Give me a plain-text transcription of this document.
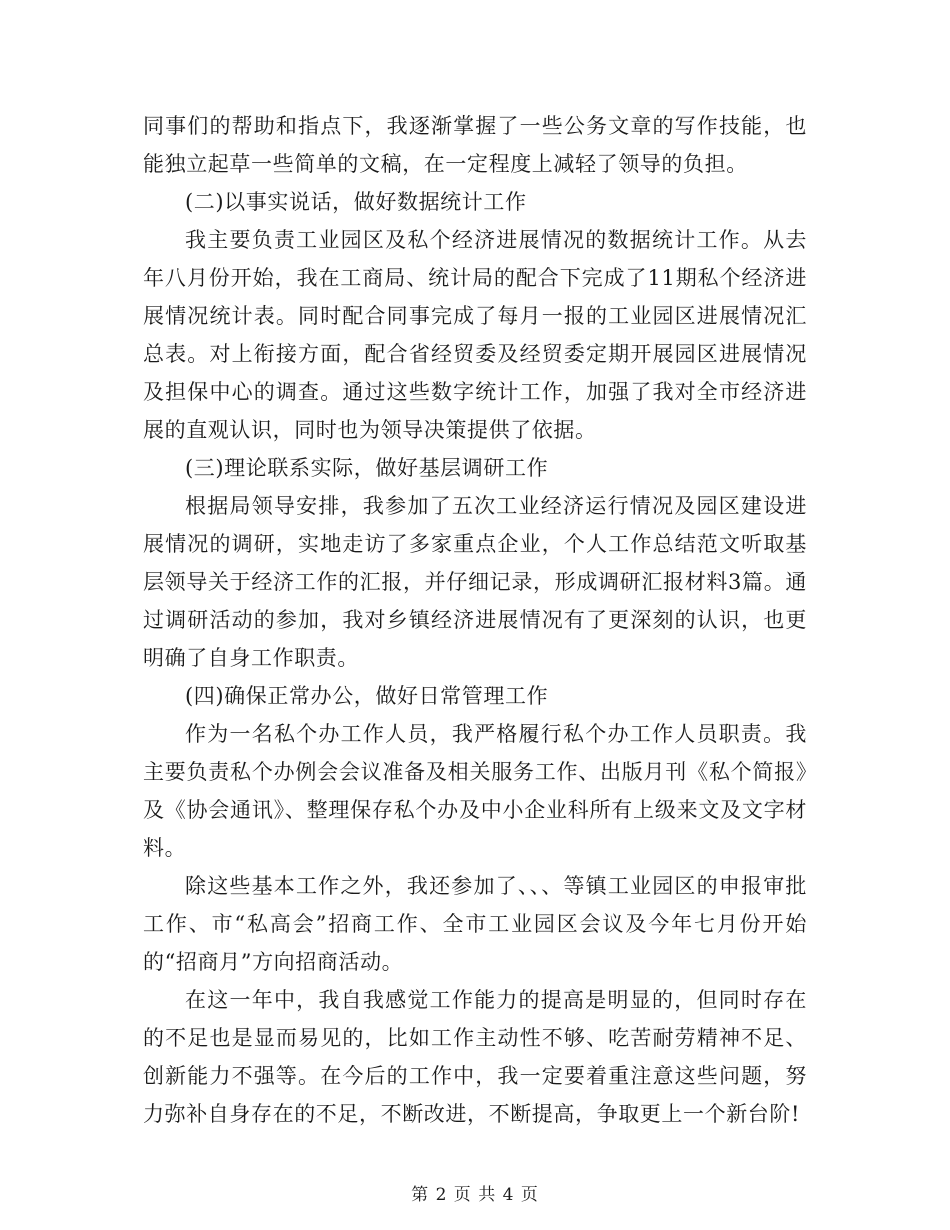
同事们的帮助和指点下，我逐渐掌握了一些公务文章的写作技能，也能独立起草一些简单的文稿，在一定程度上减轻了领导的负担。

(二)以事实说话，做好数据统计工作

我主要负责工业园区及私个经济进展情况的数据统计工作。从去年八月份开始，我在工商局、统计局的配合下完成了11期私个经济进展情况统计表。同时配合同事完成了每月一报的工业园区进展情况汇总表。对上衔接方面，配合省经贸委及经贸委定期开展园区进展情况及担保中心的调查。通过这些数字统计工作，加强了我对全市经济进展的直观认识，同时也为领导决策提供了依据。

(三)理论联系实际，做好基层调研工作

根据局领导安排，我参加了五次工业经济运行情况及园区建设进展情况的调研，实地走访了多家重点企业，个人工作总结范文听取基层领导关于经济工作的汇报，并仔细记录，形成调研汇报材料3篇。通过调研活动的参加，我对乡镇经济进展情况有了更深刻的认识，也更明确了自身工作职责。

(四)确保正常办公，做好日常管理工作

作为一名私个办工作人员，我严格履行私个办工作人员职责。我主要负责私个办例会会议准备及相关服务工作、出版月刊《私个简报》及《协会通讯》、整理保存私个办及中小企业科所有上级来文及文字材料。

除这些基本工作之外，我还参加了、、、等镇工业园区的申报审批工作、市“私高会”招商工作、全市工业园区会议及今年七月份开始的“招商月”方向招商活动。

在这一年中，我自我感觉工作能力的提高是明显的，但同时存在的不足也是显而易见的，比如工作主动性不够、吃苦耐劳精神不足、创新能力不强等。在今后的工作中，我一定要着重注意这些问题，努力弥补自身存在的不足，不断改进，不断提高，争取更上一个新台阶!

第 2 页 共 4 页
